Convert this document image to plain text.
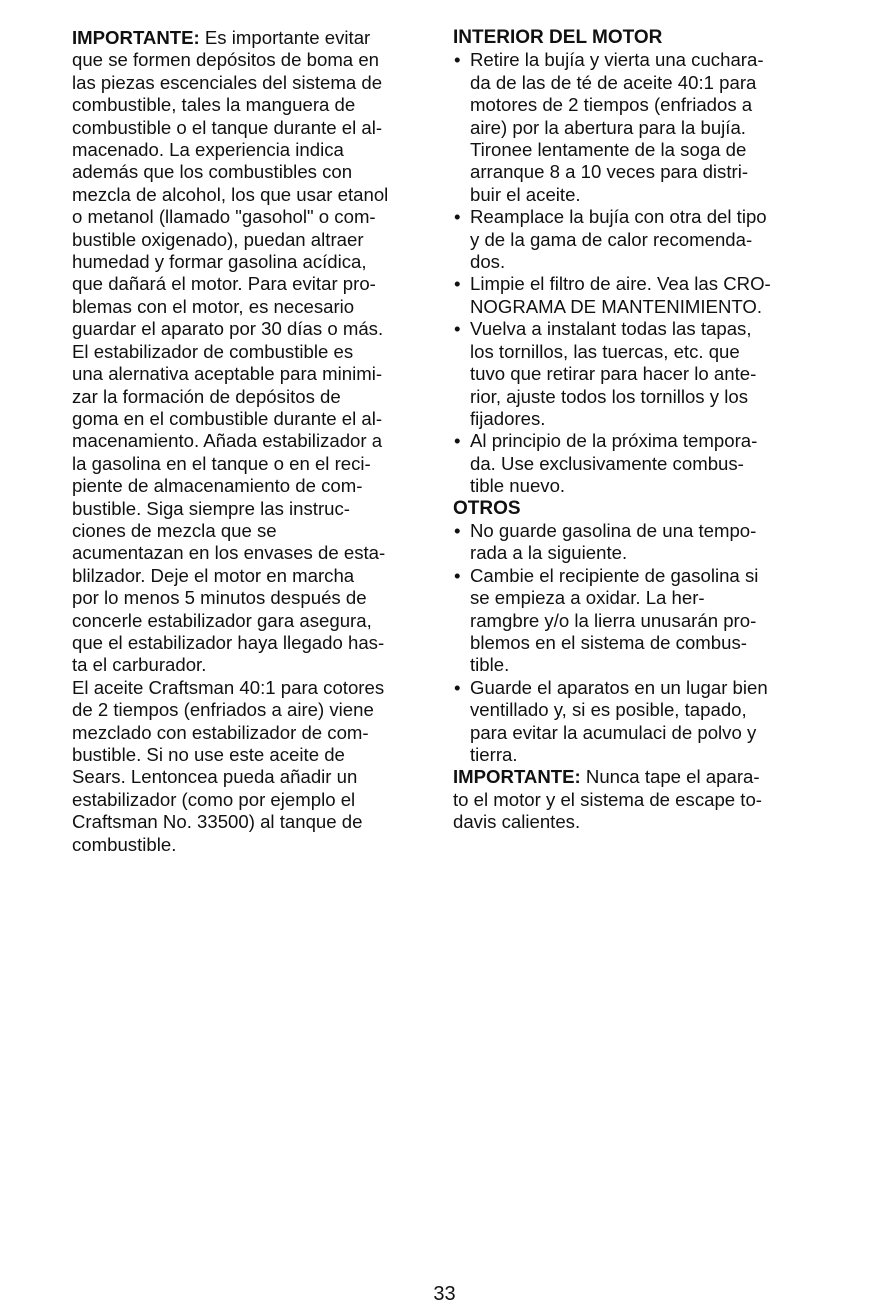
IMPORTANTE: Es importante evitar
que se formen depósitos de boma en
las piezas escenciales del sistema de
combustible, tales la manguera de
combustible o el tanque durante el al-
macenado. La experiencia indica
además que los combustibles con
mezcla de alcohol, los que usar etanol
o metanol (llamado "gasohol" o com-
bustible oxigenado), puedan altraer
humedad y formar gasolina acídica,
que dañará el motor. Para evitar pro-
blemas con el motor, es necesario
guardar el aparato por 30 días o más.

El estabilizador de combustible es
una alernativa aceptable para minimi-
zar la formación de depósitos de
goma en el combustible durante el al-
macenamiento. Añada estabilizador a
la gasolina en el tanque o en el reci-
piente de almacenamiento de com-
bustible. Siga siempre las instruc-
ciones de mezcla que se
acumentazan en los envases de esta-
blilzador. Deje el motor en marcha
por lo menos 5 minutos después de
concerle estabilizador gara asegura,
que el estabilizador haya llegado has-
ta el carburador.

El aceite Craftsman 40:1 para cotores
de 2 tiempos (enfriados a aire) viene
mezclado con estabilizador de com-
bustible. Si no use este aceite de
Sears. Lentoncea pueda añadir un
estabilizador (como por ejemplo el
Craftsman No. 33500) al tanque de
combustible.

INTERIOR DEL MOTOR
• Retire la bujía y vierta una cuchara-
da de las de té de aceite 40:1 para
motores de 2 tiempos (enfriados a
aire) por la abertura para la bujía.
Tironee lentamente de la soga de
arranque 8 a 10 veces para distri-
buir el aceite.
• Reamplace la bujía con otra del tipo
y de la gama de calor recomenda-
dos.
• Limpie el filtro de aire. Vea las CRO-
NOGRAMA DE MANTENIMIENTO.
• Vuelva a instalant todas las tapas,
los tornillos, las tuercas, etc. que
tuvo que retirar para hacer lo ante-
rior, ajuste todos los tornillos y los
fijadores.
• Al principio de la próxima tempora-
da. Use exclusivamente combus-
tible nuevo.
OTROS
• No guarde gasolina de una tempo-
rada a la siguiente.
• Cambie el recipiente de gasolina si
se empieza a oxidar. La her-
ramgbre y/o la lierra unusarán pro-
blemos en el sistema de combus-
tible.
• Guarde el aparatos en un lugar bien
ventillado y, si es posible, tapado,
para evitar la acumulaci de polvo y
tierra.

IMPORTANTE: Nunca tape el apara-
to el motor y el sistema de escape to-
davis calientes.

33
